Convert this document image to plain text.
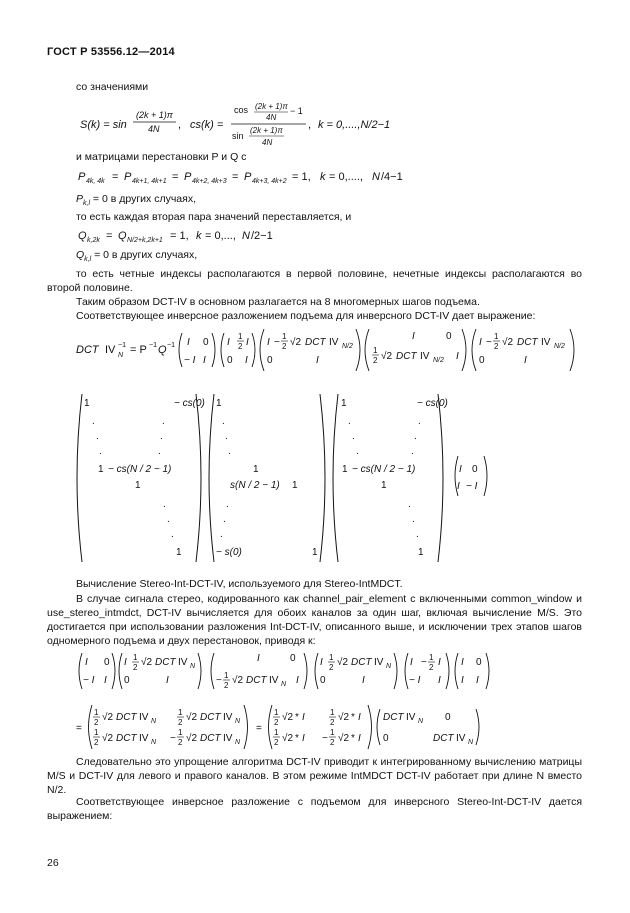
ГОСТ Р 53556.12—2014
со значениями
S(k) = sin
(2k + 1)π
4N , cs(k) =
cos (2k + 1)π
4N
− 1
sin
(2k + 1)π
4N
, k = 0,....,N/2−1
и матрицами перестановки P и Q с
P 4k, 4k = P 4k+1, 4k+1 = P 4k+2, 4k+3 = P 4k+3, 4k+2 = 1, k = 0,...., N /4−1
$P_{k,l} = 0$ в других случаях,
то есть каждая вторая пара значений переставляется, и
Q k,2k = Q N/2+k,2k+1 = 1, k = 0,..., N /2−1
$Q_{k,l} = 0$ в других случаях,
то есть четные индексы располагаются в первой половине, нечетные индексы располагаются во второй половине.
Таким образом DCT-IV в основном разлагается на 8 многомерных шагов подъема.
Соответствующее инверсное разложением подъема для инверсного DCT-IV дает выражение:
DCT IV −1
N = P −1 Q −1 I 0
− I I
I
1
2 I
0 I
I −
1
2 √2 DCT IV N/2
0	I
I	0
1
2 √2 DCT IV N/2 I
I −
1
2 √2 DCT IV N/2
0	I
1	− cs(0)
.	.
.	.
.	.
1 − cs(N / 2 − 1)
1
.
.
.
1
1
.
.
.
1
s(N / 2 − 1) 1
.
.
.
− s(0)	1
1	− cs(0)
.	.
.	.
.	.
1 − cs(N / 2 − 1)
1
.
.
.
1
I 0
I − I
Вычисление Stereo-Int-DCT-IV, используемого для Stereo-IntMDCT.
В случае сигнала стерео, кодированного как channel_pair_element с включенными common_window и use_stereo_intmdct, DCT-IV вычисляется для обоих каналов за один шаг, включая вычисление M/S. Это достигается при использовании разложения Int-DCT-IV, описанного выше, и исключении трех этапов шагов одномерного подъема и двух перестановок, приводя к:
I 0
− I I
I 1
2 √2 DCT IV N
0	I
I	0
− 1
2 √2 DCT IV N I
I 1
2 √2 DCT IV N
0	I
I − 1
2 I
− I I
I 0
I I
=
1
2 √2 DCT IV N
1
2 √2 DCT IV N
1
2 √2 DCT IV N −
1
2 √2 DCT IV N
=
1
2 √2 * I	1
2 √2 * I
1
2 √2 * I −
1
2 √2 * I
DCT IV N 0
0	DCT IV N
Следовательно это упрощение алгоритма DCT-IV приводит к интегрированному вычислению матрицы M/S и DCT-IV для левого и правого каналов. В этом режиме IntMDCT DCT-IV работает при длине N вместо N/2.
Соответствующее инверсное разложение с подъемом для инверсного Stereo-Int-DCT-IV дается выражением:
26
